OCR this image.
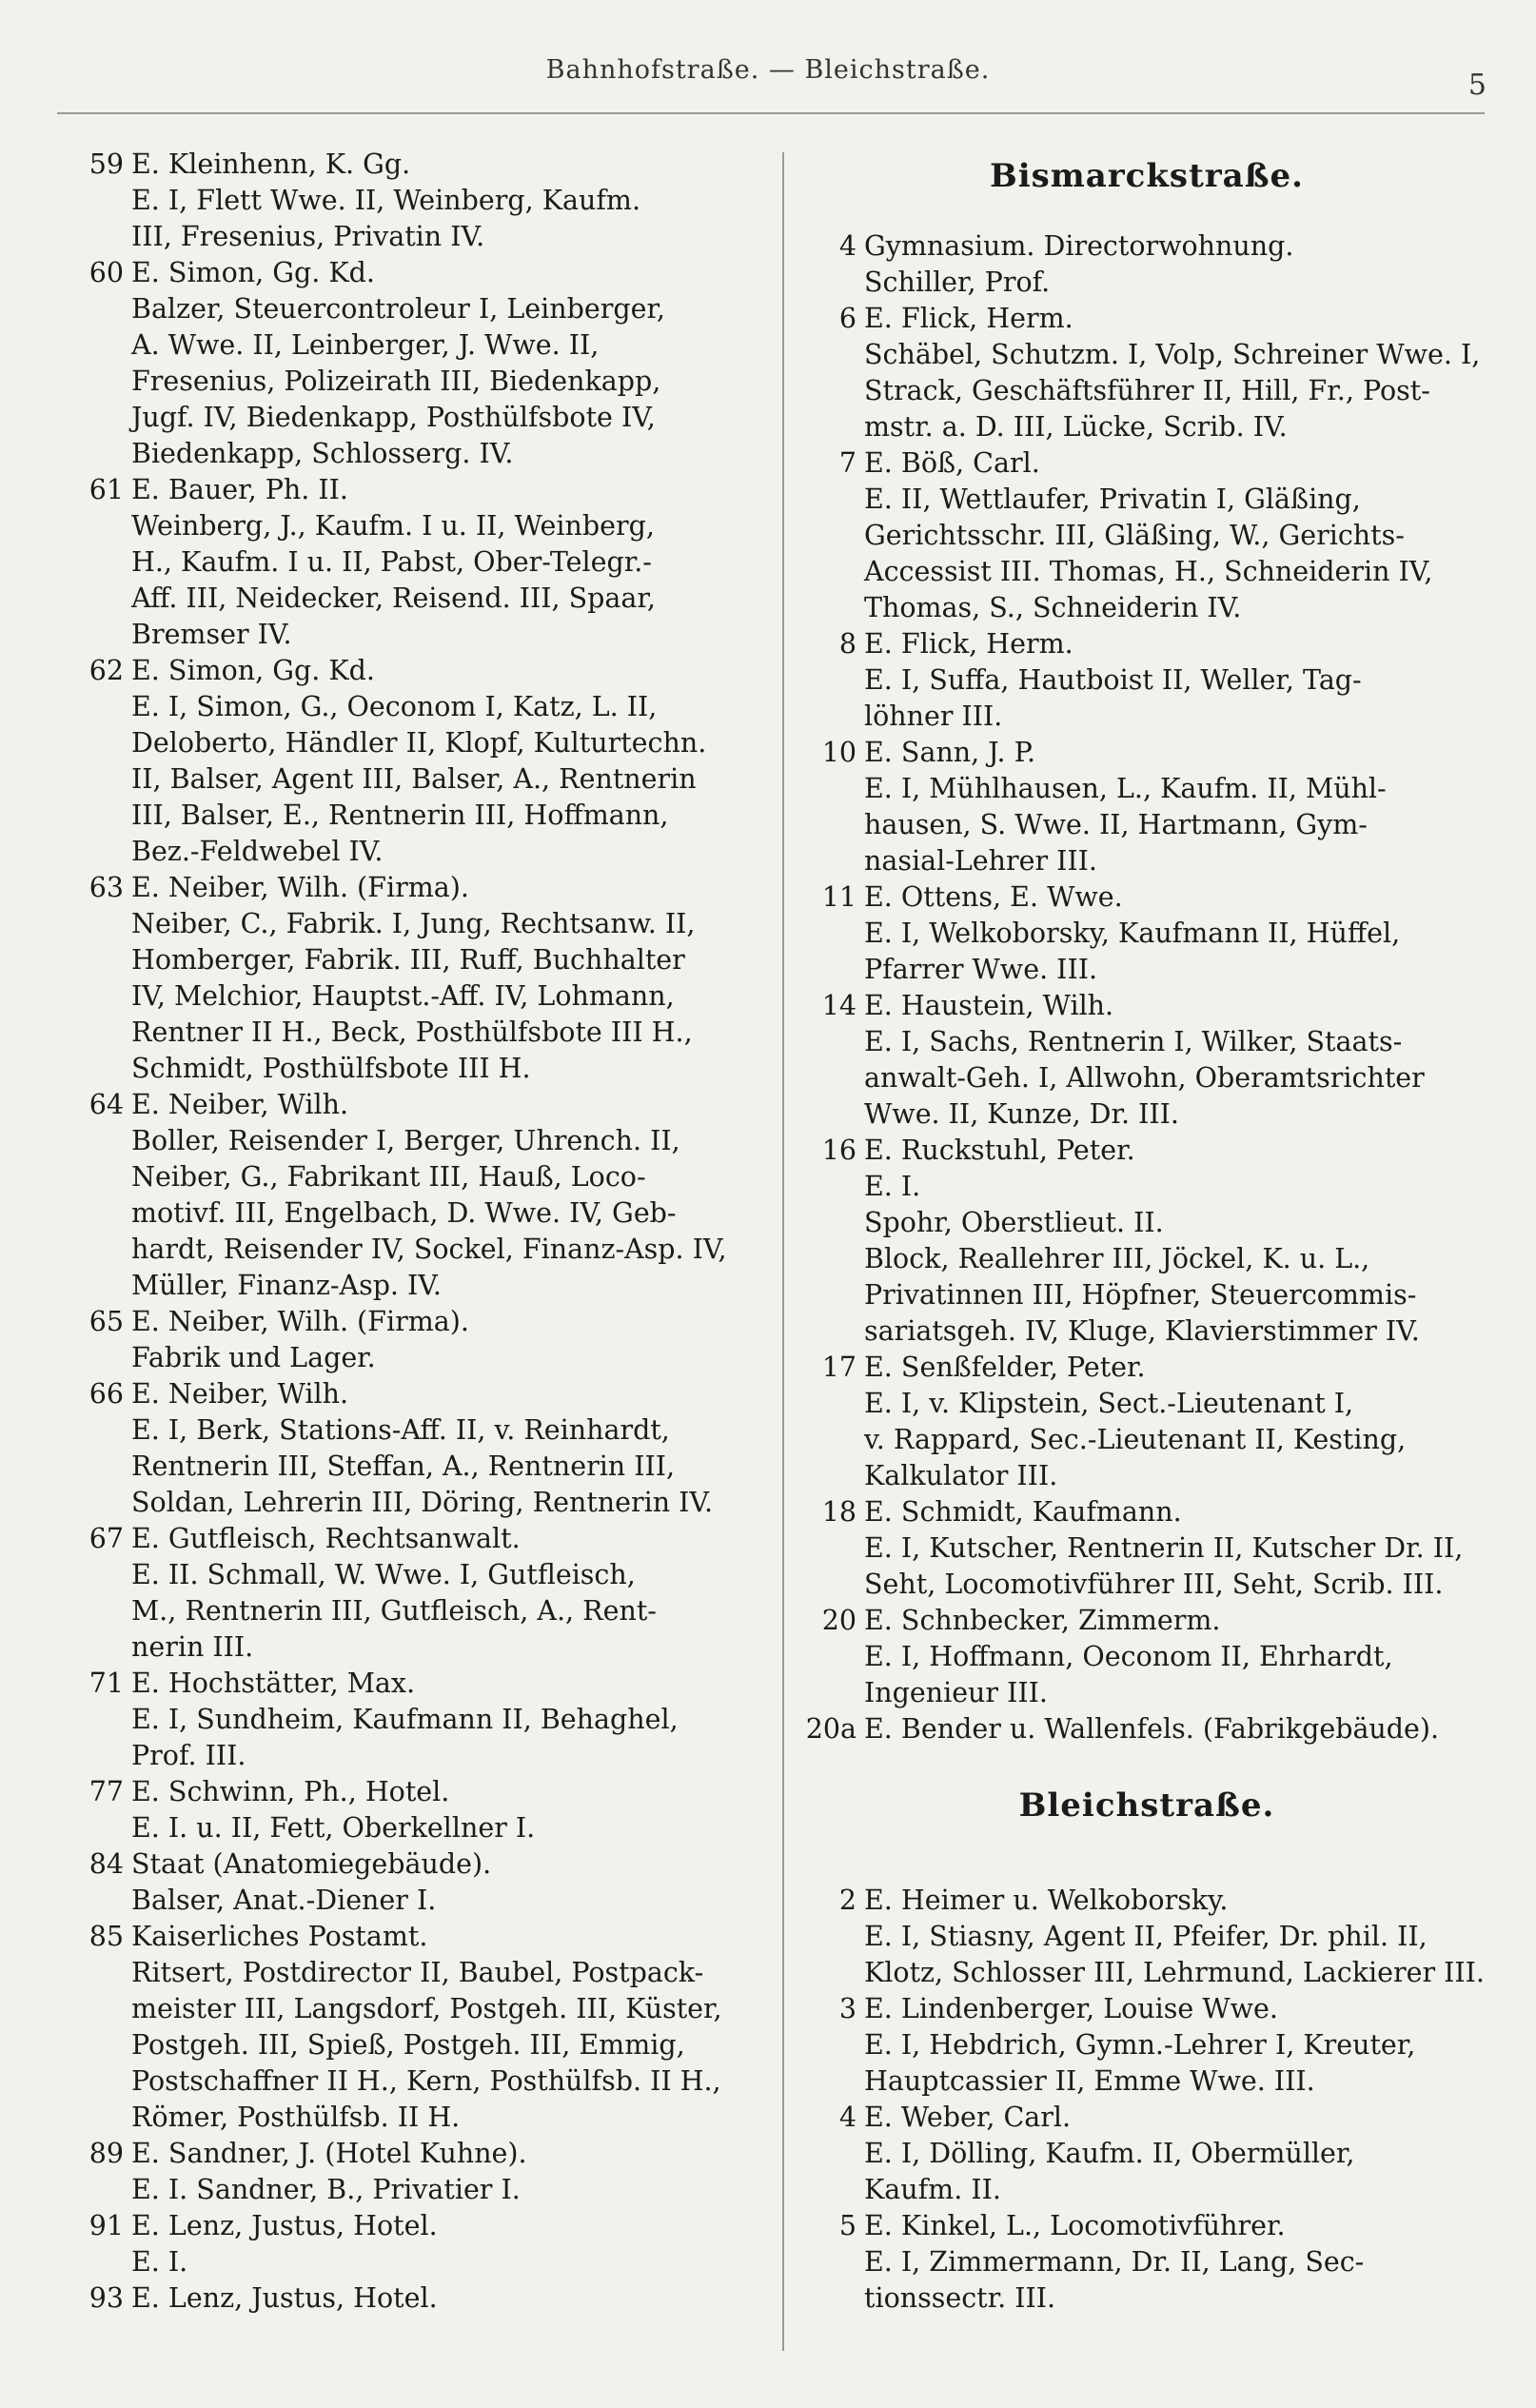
Bahnhofstraße. — Bleichstraße.	5
59 E. Kleinhenn, K. Gg.
E. I, Flett Wwe. II, Weinberg, Kaufm.
III, Fresenius, Privatin IV.
60 E. Simon, Gg. Kd.
Balzer, Steuercontroleur I, Leinberger,
A. Wwe. II, Leinberger, J. Wwe. II,
Fresenius, Polizeirath III, Biedenkapp,
Jugf. IV, Biedenkapp, Posthülfsbote IV,
Biedenkapp, Schlosserg. IV.
61 E. Bauer, Ph. II.
Weinberg, J., Kaufm. I u. II, Weinberg,
H., Kaufm. I u. II, Pabst, Ober-Telegr.-
Aff. III, Neidecker, Reisend. III, Spaar,
Bremser IV.
62 E. Simon, Gg. Kd.
E. I, Simon, G., Oeconom I, Katz, L. II,
Deloberto, Händler II, Klopf, Kulturtechn.
II, Balser, Agent III, Balser, A., Rentnerin
III, Balser, E., Rentnerin III, Hoffmann,
Bez.-Feldwebel IV.
63 E. Neiber, Wilh. (Firma).
Neiber, C., Fabrik. I, Jung, Rechtsanw. II,
Homberger, Fabrik. III, Ruff, Buchhalter
IV, Melchior, Hauptst.-Aff. IV, Lohmann,
Rentner II H., Beck, Posthülfsbote III H.,
Schmidt, Posthülfsbote III H.
64 E. Neiber, Wilh.
Boller, Reisender I, Berger, Uhrench. II,
Neiber, G., Fabrikant III, Hauß, Loco-
motivf. III, Engelbach, D. Wwe. IV, Geb-
hardt, Reisender IV, Sockel, Finanz-Asp. IV,
Müller, Finanz-Asp. IV.
65 E. Neiber, Wilh. (Firma).
Fabrik und Lager.
66 E. Neiber, Wilh.
E. I, Berk, Stations-Aff. II, v. Reinhardt,
Rentnerin III, Steffan, A., Rentnerin III,
Soldan, Lehrerin III, Döring, Rentnerin IV.
67 E. Gutfleisch, Rechtsanwalt.
E. II. Schmall, W. Wwe. I, Gutfleisch,
M., Rentnerin III, Gutfleisch, A., Rent-
nerin III.
71 E. Hochstätter, Max.
E. I, Sundheim, Kaufmann II, Behaghel,
Prof. III.
77 E. Schwinn, Ph., Hotel.
E. I. u. II, Fett, Oberkellner I.
84 Staat (Anatomiegebäude).
Balser, Anat.-Diener I.
85 Kaiserliches Postamt.
Ritsert, Postdirector II, Baubel, Postpack-
meister III, Langsdorf, Postgeh. III, Küster,
Postgeh. III, Spieß, Postgeh. III, Emmig,
Postschaffner II H., Kern, Posthülfsb. II H.,
Römer, Posthülfsb. II H.
89 E. Sandner, J. (Hotel Kuhne).
E. I. Sandner, B., Privatier I.
91 E. Lenz, Justus, Hotel.
E. I.
93 E. Lenz, Justus, Hotel.
Bismarckstraße.
4 Gymnasium. Directorwohnung.
Schiller, Prof.
6 E. Flick, Herm.
Schäbel, Schutzm. I, Volp, Schreiner Wwe. I,
Strack, Geschäftsführer II, Hill, Fr., Post-
mstr. a. D. III, Lücke, Scrib. IV.
7 E. Böß, Carl.
E. II, Wettlaufer, Privatin I, Gläßing,
Gerichtsschr. III, Gläßing, W., Gerichts-
Accessist III. Thomas, H., Schneiderin IV,
Thomas, S., Schneiderin IV.
8 E. Flick, Herm.
E. I, Suffa, Hautboist II, Weller, Tag-
löhner III.
10 E. Sann, J. P.
E. I, Mühlhausen, L., Kaufm. II, Mühl-
hausen, S. Wwe. II, Hartmann, Gym-
nasial-Lehrer III.
11 E. Ottens, E. Wwe.
E. I, Welkoborsky, Kaufmann II, Hüffel,
Pfarrer Wwe. III.
14 E. Haustein, Wilh.
E. I, Sachs, Rentnerin I, Wilker, Staats-
anwalt-Geh. I, Allwohn, Oberamtsrichter
Wwe. II, Kunze, Dr. III.
16 E. Ruckstuhl, Peter.
E. I.
Spohr, Oberstlieut. II.
Block, Reallehrer III, Jöckel, K. u. L.,
Privatinnen III, Höpfner, Steuercommis-
sariatsgeh. IV, Kluge, Klavierstimmer IV.
17 E. Senßfelder, Peter.
E. I, v. Klipstein, Sect.-Lieutenant I,
v. Rappard, Sec.-Lieutenant II, Kesting,
Kalkulator III.
18 E. Schmidt, Kaufmann.
E. I, Kutscher, Rentnerin II, Kutscher Dr. II,
Seht, Locomotivführer III, Seht, Scrib. III.
20 E. Schnbecker, Zimmerm.
E. I, Hoffmann, Oeconom II, Ehrhardt,
Ingenieur III.
20a E. Bender u. Wallenfels. (Fabrikgebäude).
Bleichstraße.
2 E. Heimer u. Welkoborsky.
E. I, Stiasny, Agent II, Pfeifer, Dr. phil. II,
Klotz, Schlosser III, Lehrmund, Lackierer III.
3 E. Lindenberger, Louise Wwe.
E. I, Hebdrich, Gymn.-Lehrer I, Kreuter,
Hauptcassier II, Emme Wwe. III.
4 E. Weber, Carl.
E. I, Dölling, Kaufm. II, Obermüller,
Kaufm. II.
5 E. Kinkel, L., Locomotivführer.
E. I, Zimmermann, Dr. II, Lang, Sec-
tionssectr. III.
